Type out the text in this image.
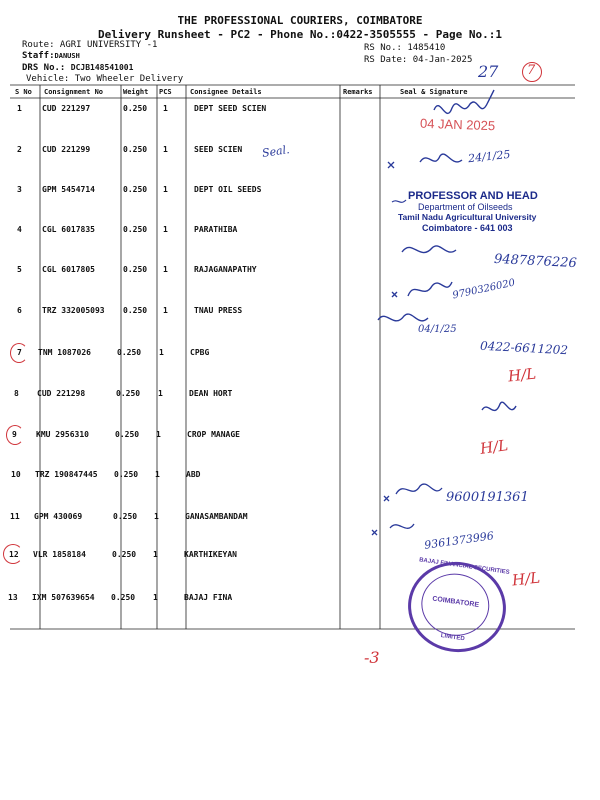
THE PROFESSIONAL COURIERS, COIMBATORE
Delivery Runsheet - PC2 - Phone No.:0422-3505555 - Page No.:1
Route: AGRI UNIVERSITY -1
Staff:DANUSH
DRS No.: DCJB148541001
Vehicle: Two Wheeler Delivery
RS No.: 1485410
RS Date: 04-Jan-2025
27 7
S No Consignment No	Weight PCS	Consignee Details	Remarks	Seal & Signature
1	CUD 221297	0.250 1	DEPT SEED SCIEN
2	CUD 221299	0.250 1	SEED SCIEN
3	GPM 5454714	0.250 1	DEPT OIL SEEDS
4	CGL 6017835	0.250 1	PARATHIBA
5	CGL 6017805	0.250 1	RAJAGANAPATHY
6	TRZ 332005093 0.250 1	TNAU PRESS
7 TNM 1087026	0.250 1	CPBG
8 CUD 221298	0.250 1	DEAN HORT
9 KMU 2956310	0.250 1	CROP MANAGE
10 TRZ 190847445 0.250 1	ABD
11 GPM 430069	0.250 1	GANASAMBANDAM
12 VLR 1858184	0.250 1	KARTHIKEYAN
13 IXM 507639654 0.250 1	BAJAJ FINA
04 JAN 2025
Seal.	24/1/25
PROFESSOR AND HEAD
Department of Oilseeds
Tamil Nadu Agricultural University
Coimbatore - 641 003
9487876226
9790326020
04/1/25
0422-6611202
H/L
H/L
H/L
9600191361
9361373996
BAJAJ FINANCIAL SECURITIES
COIMBATORE
LIMITED
-3
